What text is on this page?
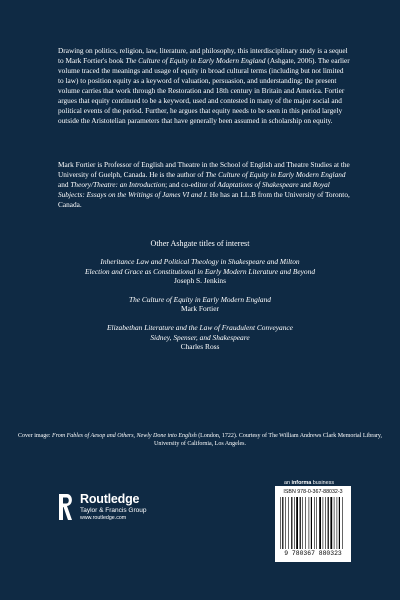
Drawing on politics, religion, law, literature, and philosophy, this interdisciplinary study is a sequel to Mark Fortier's book The Culture of Equity in Early Modern England (Ashgate, 2006). The earlier volume traced the meanings and usage of equity in broad cultural terms (including but not limited to law) to position equity as a keyword of valuation, persuasion, and understanding; the present volume carries that work through the Restoration and 18th century in Britain and America. Fortier argues that equity continued to be a keyword, used and contested in many of the major social and political events of the period. Further, he argues that equity needs to be seen in this period largely outside the Aristotelian parameters that have generally been assumed in scholarship on equity.

Mark Fortier is Professor of English and Theatre in the School of English and Theatre Studies at the University of Guelph, Canada. He is the author of The Culture of Equity in Early Modern England and Theory/Theatre: an Introduction; and co-editor of Adaptations of Shakespeare and Royal Subjects: Essays on the Writings of James VI and I. He has an LL.B from the University of Toronto, Canada.

Other Ashgate titles of interest
Inheritance Law and Political Theology in Shakespeare and Milton
Election and Grace as Constitutional in Early Modern Literature and Beyond
Joseph S. Jenkins
The Culture of Equity in Early Modern England
Mark Fortier
Elizabethan Literature and the Law of Fraudulent Conveyance
Sidney, Spenser, and Shakespeare
Charles Ross
Cover image: From Fables of Aesop and Others, Newly Done into English (London, 1722). Courtesy of The William Andrews Clark Memorial Library,
University of California, Los Angeles.
an informa business
Routledge
Taylor & Francis Group
www.routledge.com
ISBN 978-0-367-88032-3
9 780367 880323
